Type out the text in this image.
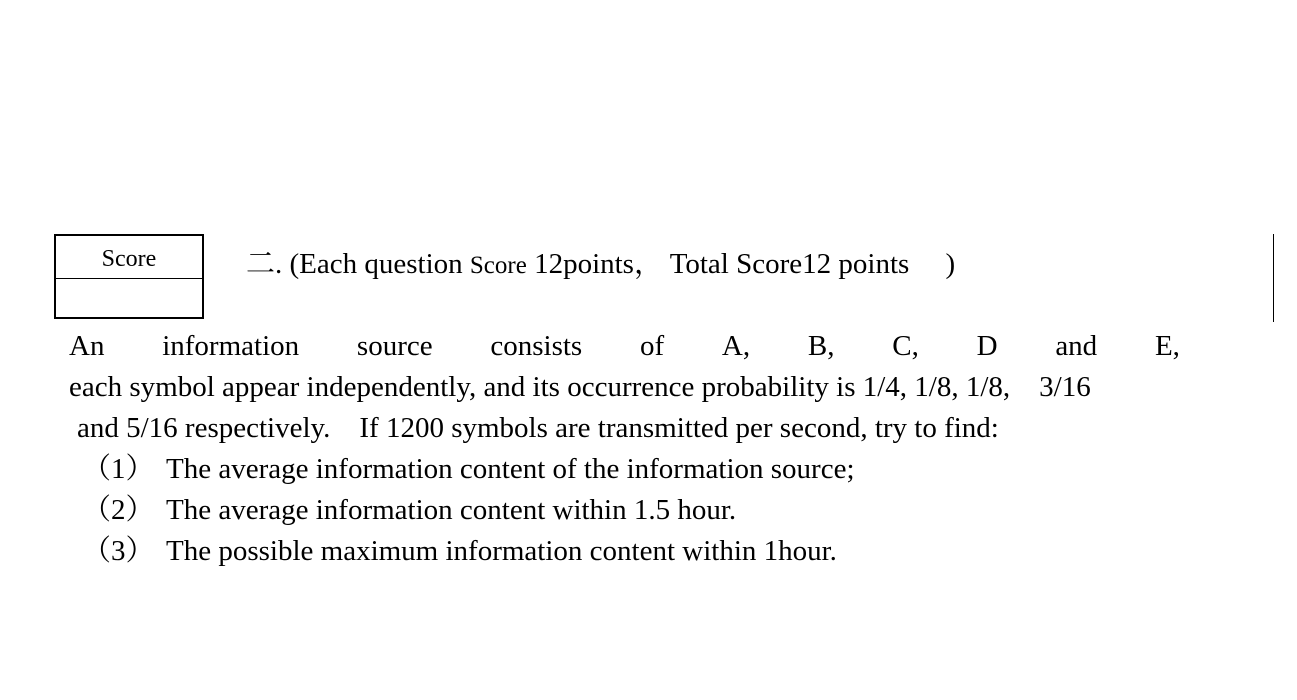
Score	二. (Each question Score 12points， Total Score12 points　 )
An information source consists of A, B, C, D and E,
each symbol appear independently, and its occurrence probability is 1/4, 1/8, 1/8,　3/16
and 5/16 respectively.　If 1200 symbols are transmitted per second, try to find:
（1） The average information content of the information source;
（2） The average information content within 1.5 hour.
（3） The possible maximum information content within 1hour.
